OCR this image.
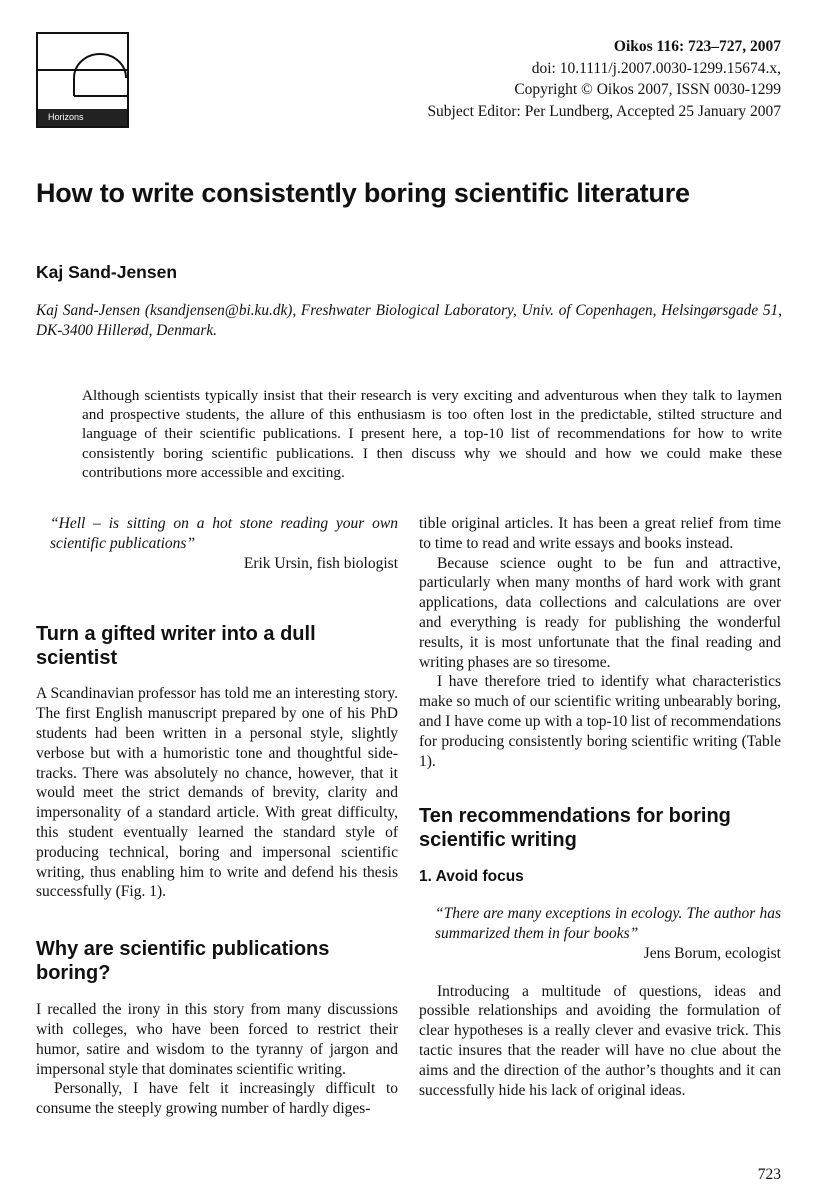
Horizons
Oikos 116: 723–727, 2007
doi: 10.1111/j.2007.0030-1299.15674.x,
Copyright © Oikos 2007, ISSN 0030-1299
Subject Editor: Per Lundberg, Accepted 25 January 2007
How to write consistently boring scientific literature
Kaj Sand-Jensen
Kaj Sand-Jensen (ksandjensen@bi.ku.dk), Freshwater Biological Laboratory, Univ. of Copenhagen, Helsingørsgade 51, DK-3400 Hillerød, Denmark.
Although scientists typically insist that their research is very exciting and adventurous when they talk to laymen and prospective students, the allure of this enthusiasm is too often lost in the predictable, stilted structure and language of their scientific publications. I present here, a top-10 list of recommendations for how to write consistently boring scientific publications. I then discuss why we should and how we could make these contributions more accessible and exciting.
“Hell – is sitting on a hot stone reading your own scientific publications”
Erik Ursin, fish biologist
Turn a gifted writer into a dull scientist

A Scandinavian professor has told me an interesting story. The first English manuscript prepared by one of his PhD students had been written in a personal style, slightly verbose but with a humoristic tone and thoughtful side-tracks. There was absolutely no chance, however, that it would meet the strict demands of brevity, clarity and impersonality of a standard article. With great difficulty, this student eventually learned the standard style of producing technical, boring and impersonal scientific writing, thus enabling him to write and defend his thesis successfully (Fig. 1).

Why are scientific publications boring?

I recalled the irony in this story from many discussions with colleges, who have been forced to restrict their humor, satire and wisdom to the tyranny of jargon and impersonal style that dominates scientific writing.

Personally, I have felt it increasingly difficult to consume the steeply growing number of hardly diges-

tible original articles. It has been a great relief from time to time to read and write essays and books instead.

Because science ought to be fun and attractive, particularly when many months of hard work with grant applications, data collections and calculations are over and everything is ready for publishing the wonderful results, it is most unfortunate that the final reading and writing phases are so tiresome.

I have therefore tried to identify what characteristics make so much of our scientific writing unbearably boring, and I have come up with a top-10 list of recommendations for producing consistently boring scientific writing (Table 1).

Ten recommendations for boring scientific writing
1. Avoid focus
“There are many exceptions in ecology. The author has summarized them in four books”
Jens Borum, ecologist

Introducing a multitude of questions, ideas and possible relationships and avoiding the formulation of clear hypotheses is a really clever and evasive trick. This tactic insures that the reader will have no clue about the aims and the direction of the author’s thoughts and it can successfully hide his lack of original ideas.

723
